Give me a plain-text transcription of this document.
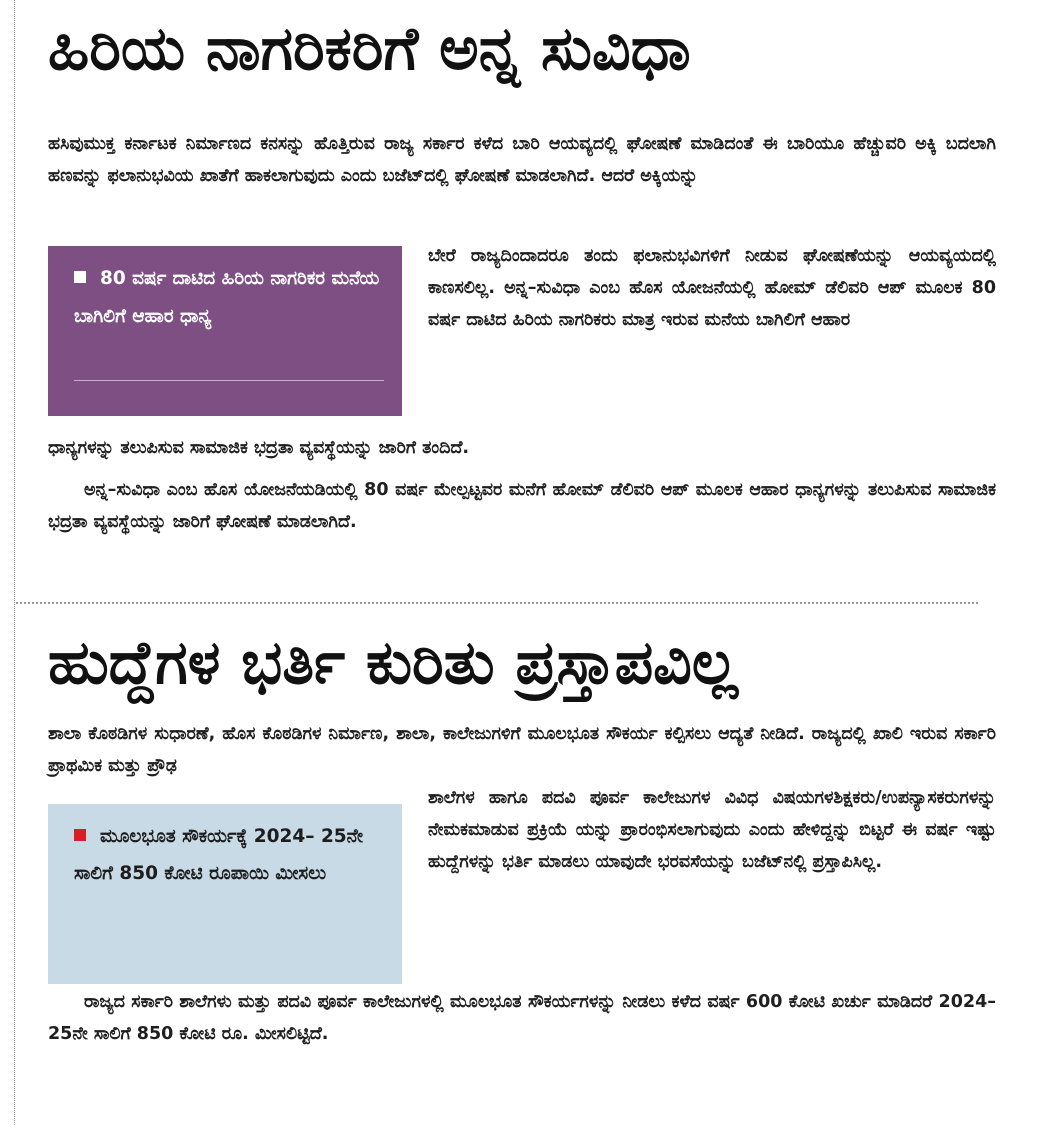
ಹಿರಿಯ ನಾಗರಿಕರಿಗೆ ಅನ್ನ ಸುವಿಧಾ

ಹಸಿವುಮುಕ್ತ ಕರ್ನಾಟಕ ನಿರ್ಮಾಣದ ಕನಸನ್ನು ಹೊತ್ತಿರುವ ರಾಜ್ಯ ಸರ್ಕಾರ ಕಳೆದ ಬಾರಿ ಆಯವ್ಯದಲ್ಲಿ ಘೋಷಣೆ ಮಾಡಿದಂತೆ ಈ ಬಾರಿಯೂ ಹೆಚ್ಚುವರಿ ಅಕ್ಕಿ ಬದಲಾಗಿ ಹಣವನ್ನು ಫಲಾನುಭವಿಯ ಖಾತೆಗೆ ಹಾಕಲಾಗುವುದು ಎಂದು ಬಜೆಟ್‌ದಲ್ಲಿ ಘೋಷಣೆ ಮಾಡಲಾಗಿದೆ. ಆದರೆ ಅಕ್ಕಿಯನ್ನು

80 ವರ್ಷ ದಾಟಿದ ಹಿರಿಯ ನಾಗರಿಕರ ಮನೆಯ ಬಾಗಿಲಿಗೆ ಆಹಾರ ಧಾನ್ಯ

ಬೇರೆ ರಾಜ್ಯದಿಂದಾದರೂ ತಂದು ಫಲಾನುಭವಿಗಳಿಗೆ ನೀಡುವ ಘೋಷಣೆಯನ್ನು ಆಯವ್ಯಯದಲ್ಲಿ ಕಾಣಸಲಿಲ್ಲ. ಅನ್ನ–ಸುವಿಧಾ ಎಂಬ ಹೊಸ ಯೋಜನೆಯಲ್ಲಿ ಹೋಮ್ ಡೆಲಿವರಿ ಆಪ್ ಮೂಲಕ 80 ವರ್ಷ ದಾಟಿದ ಹಿರಿಯ ನಾಗರಿಕರು ಮಾತ್ರ ಇರುವ ಮನೆಯ ಬಾಗಿಲಿಗೆ ಆಹಾರ

ಧಾನ್ಯಗಳನ್ನು ತಲುಪಿಸುವ ಸಾಮಾಜಿಕ ಭದ್ರತಾ ವ್ಯವಸ್ಥೆಯನ್ನು ಜಾರಿಗೆ ತಂದಿದೆ.

ಅನ್ನ–ಸುವಿಧಾ ಎಂಬ ಹೊಸ ಯೋಜನೆಯಡಿಯಲ್ಲಿ 80 ವರ್ಷ ಮೇಲ್ಪಟ್ಟವರ ಮನೆಗೆ ಹೋಮ್ ಡೆಲಿವರಿ ಆಪ್ ಮೂಲಕ ಆಹಾರ ಧಾನ್ಯಗಳನ್ನು ತಲುಪಿಸುವ ಸಾಮಾಜಿಕ ಭದ್ರತಾ ವ್ಯವಸ್ಥೆಯನ್ನು ಜಾರಿಗೆ ಘೋಷಣೆ ಮಾಡಲಾಗಿದೆ.

ಹುದ್ದೆಗಳ ಭರ್ತಿ ಕುರಿತು ಪ್ರಸ್ತಾಪವಿಲ್ಲ

ಶಾಲಾ ಕೊಠಡಿಗಳ ಸುಧಾರಣೆ, ಹೊಸ ಕೊಠಡಿಗಳ ನಿರ್ಮಾಣ, ಶಾಲಾ, ಕಾಲೇಜುಗಳಿಗೆ ಮೂಲಭೂತ ಸೌಕರ್ಯ ಕಲ್ಪಿಸಲು ಆದ್ಯತೆ ನೀಡಿದೆ. ರಾಜ್ಯದಲ್ಲಿ ಖಾಲಿ ಇರುವ ಸರ್ಕಾರಿ ಪ್ರಾಥಮಿಕ ಮತ್ತು ಪ್ರೌಢ

ಮೂಲಭೂತ ಸೌಕರ್ಯಕ್ಕೆ 2024– 25ನೇ ಸಾಲಿಗೆ 850 ಕೋಟಿ ರೂಪಾಯಿ ಮೀಸಲು

ಶಾಲೆಗಳ ಹಾಗೂ ಪದವಿ ಪೂರ್ವ ಕಾಲೇಜುಗಳ ವಿವಿಧ ವಿಷಯಗಳಶಿಕ್ಷಕರು/ಉಪನ್ಯಾಸಕರುಗಳನ್ನು ನೇಮಕಮಾಡುವ ಪ್ರಕ್ರಿಯೆ ಯನ್ನು ಪ್ರಾರಂಭಿಸಲಾಗುವುದು ಎಂದು ಹೇಳಿದ್ದನ್ನು ಬಿಟ್ಟರೆ ಈ ವರ್ಷ ಇಷ್ಟು ಹುದ್ದೆಗಳನ್ನು ಭರ್ತಿ ಮಾಡಲು ಯಾವುದೇ ಭರವಸೆಯನ್ನು ಬಜೆಟ್‌ನಲ್ಲಿ ಪ್ರಸ್ತಾಪಿಸಿಲ್ಲ.

ರಾಜ್ಯದ ಸರ್ಕಾರಿ ಶಾಲೆಗಳು ಮತ್ತು ಪದವಿ ಪೂರ್ವ ಕಾಲೇಜುಗಳಲ್ಲಿ ಮೂಲಭೂತ ಸೌಕರ್ಯಗಳನ್ನು ನೀಡಲು ಕಳೆದ ವರ್ಷ 600 ಕೋಟಿ ಖರ್ಚು ಮಾಡಿದರೆ 2024– 25ನೇ ಸಾಲಿಗೆ 850 ಕೋಟಿ ರೂ. ಮೀಸಲಿಟ್ಟಿದೆ.
